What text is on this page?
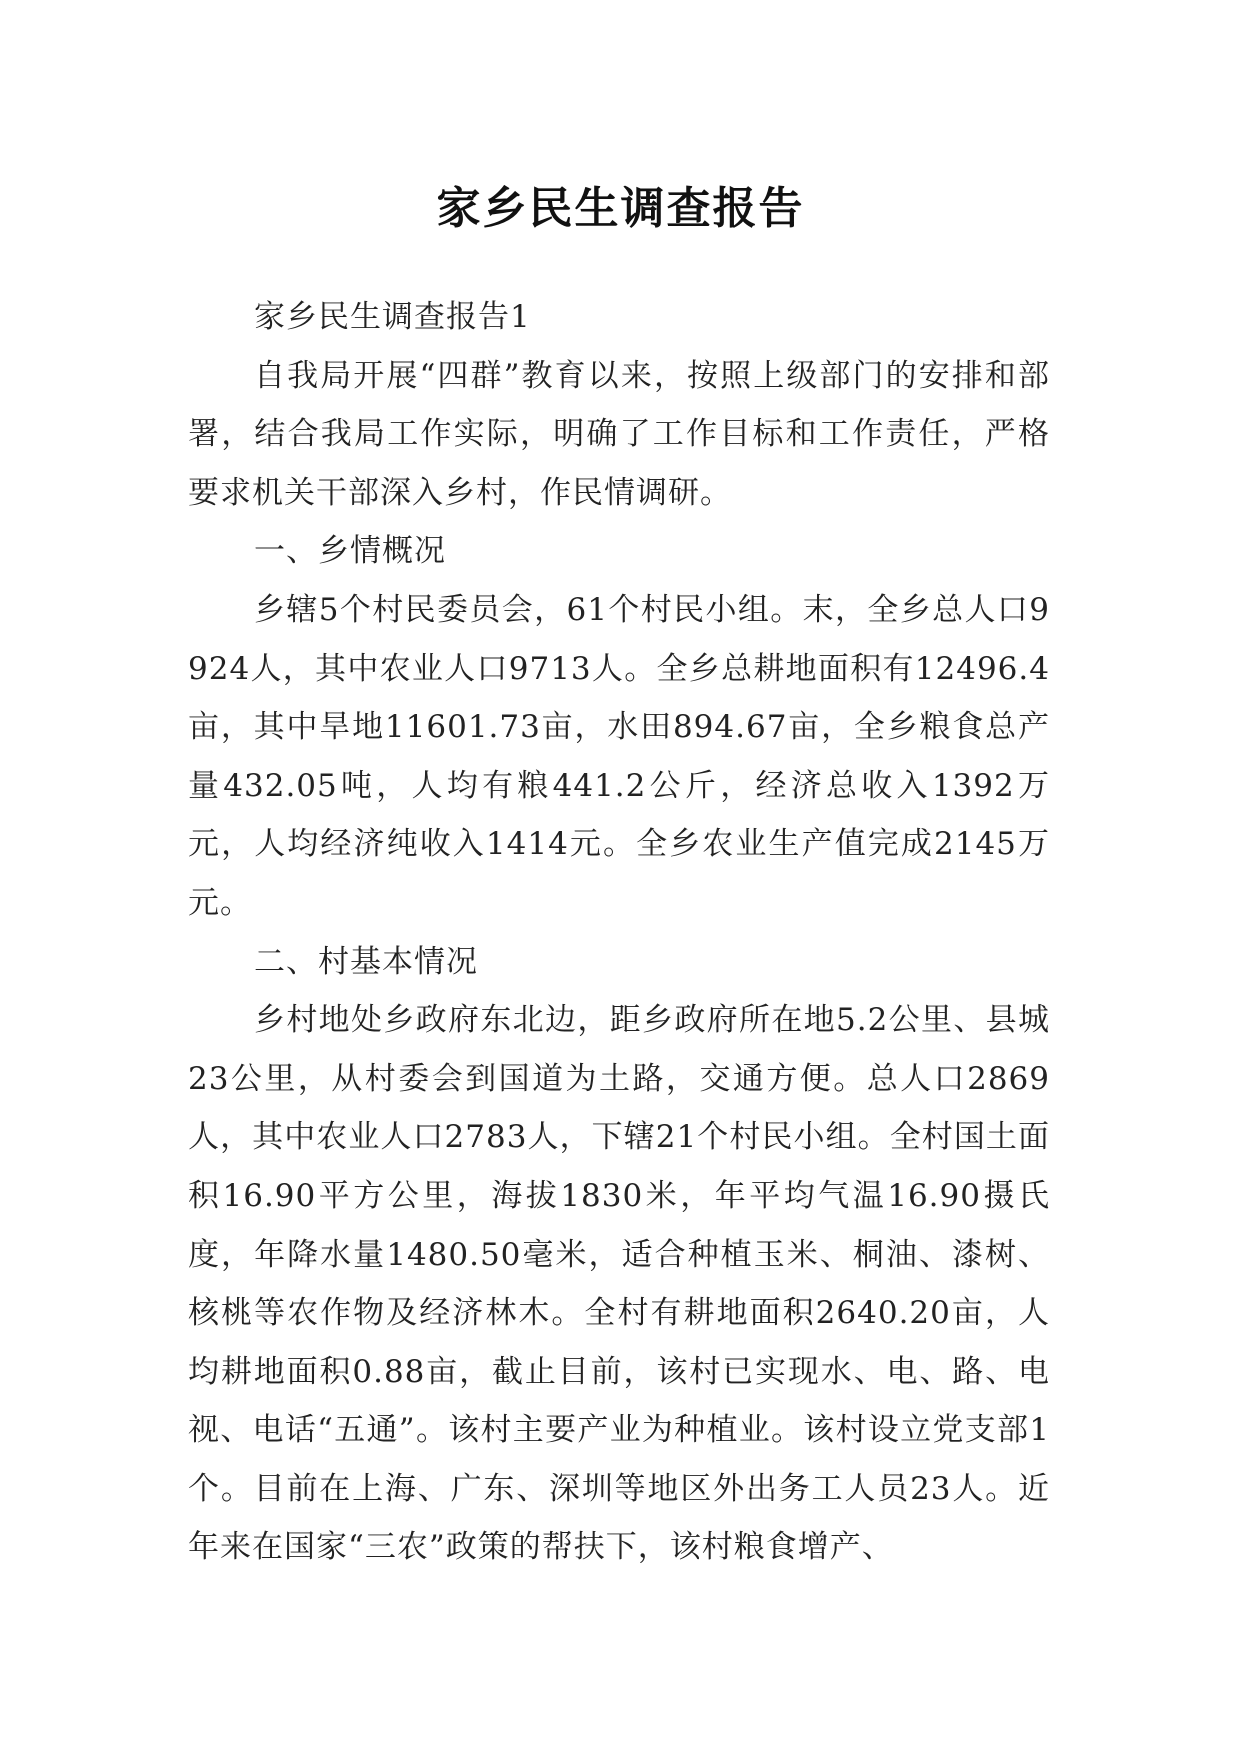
家乡民生调查报告

家乡民生调查报告1

自我局开展“四群”教育以来，按照上级部门的安排和部署，结合我局工作实际，明确了工作目标和工作责任，严格要求机关干部深入乡村，作民情调研。

一、乡情概况

乡辖5个村民委员会，61个村民小组。末，全乡总人口9924人，其中农业人口9713人。全乡总耕地面积有12496.4亩，其中旱地11601.73亩，水田894.67亩，全乡粮食总产量432.05吨，人均有粮441.2公斤，经济总收入1392万元，人均经济纯收入1414元。全乡农业生产值完成2145万元。

二、村基本情况

乡村地处乡政府东北边，距乡政府所在地5.2公里、县城23公里，从村委会到国道为土路，交通方便。总人口2869人，其中农业人口2783人，下辖21个村民小组。全村国土面积16.90平方公里，海拔1830米，年平均气温16.90摄氏度，年降水量1480.50毫米，适合种植玉米、桐油、漆树、核桃等农作物及经济林木。全村有耕地面积2640.20亩，人均耕地面积0.88亩，截止目前，该村已实现水、电、路、电视、电话“五通”。该村主要产业为种植业。该村设立党支部1个。目前在上海、广东、深圳等地区外出务工人员23人。近年来在国家“三农”政策的帮扶下，该村粮食增产、
